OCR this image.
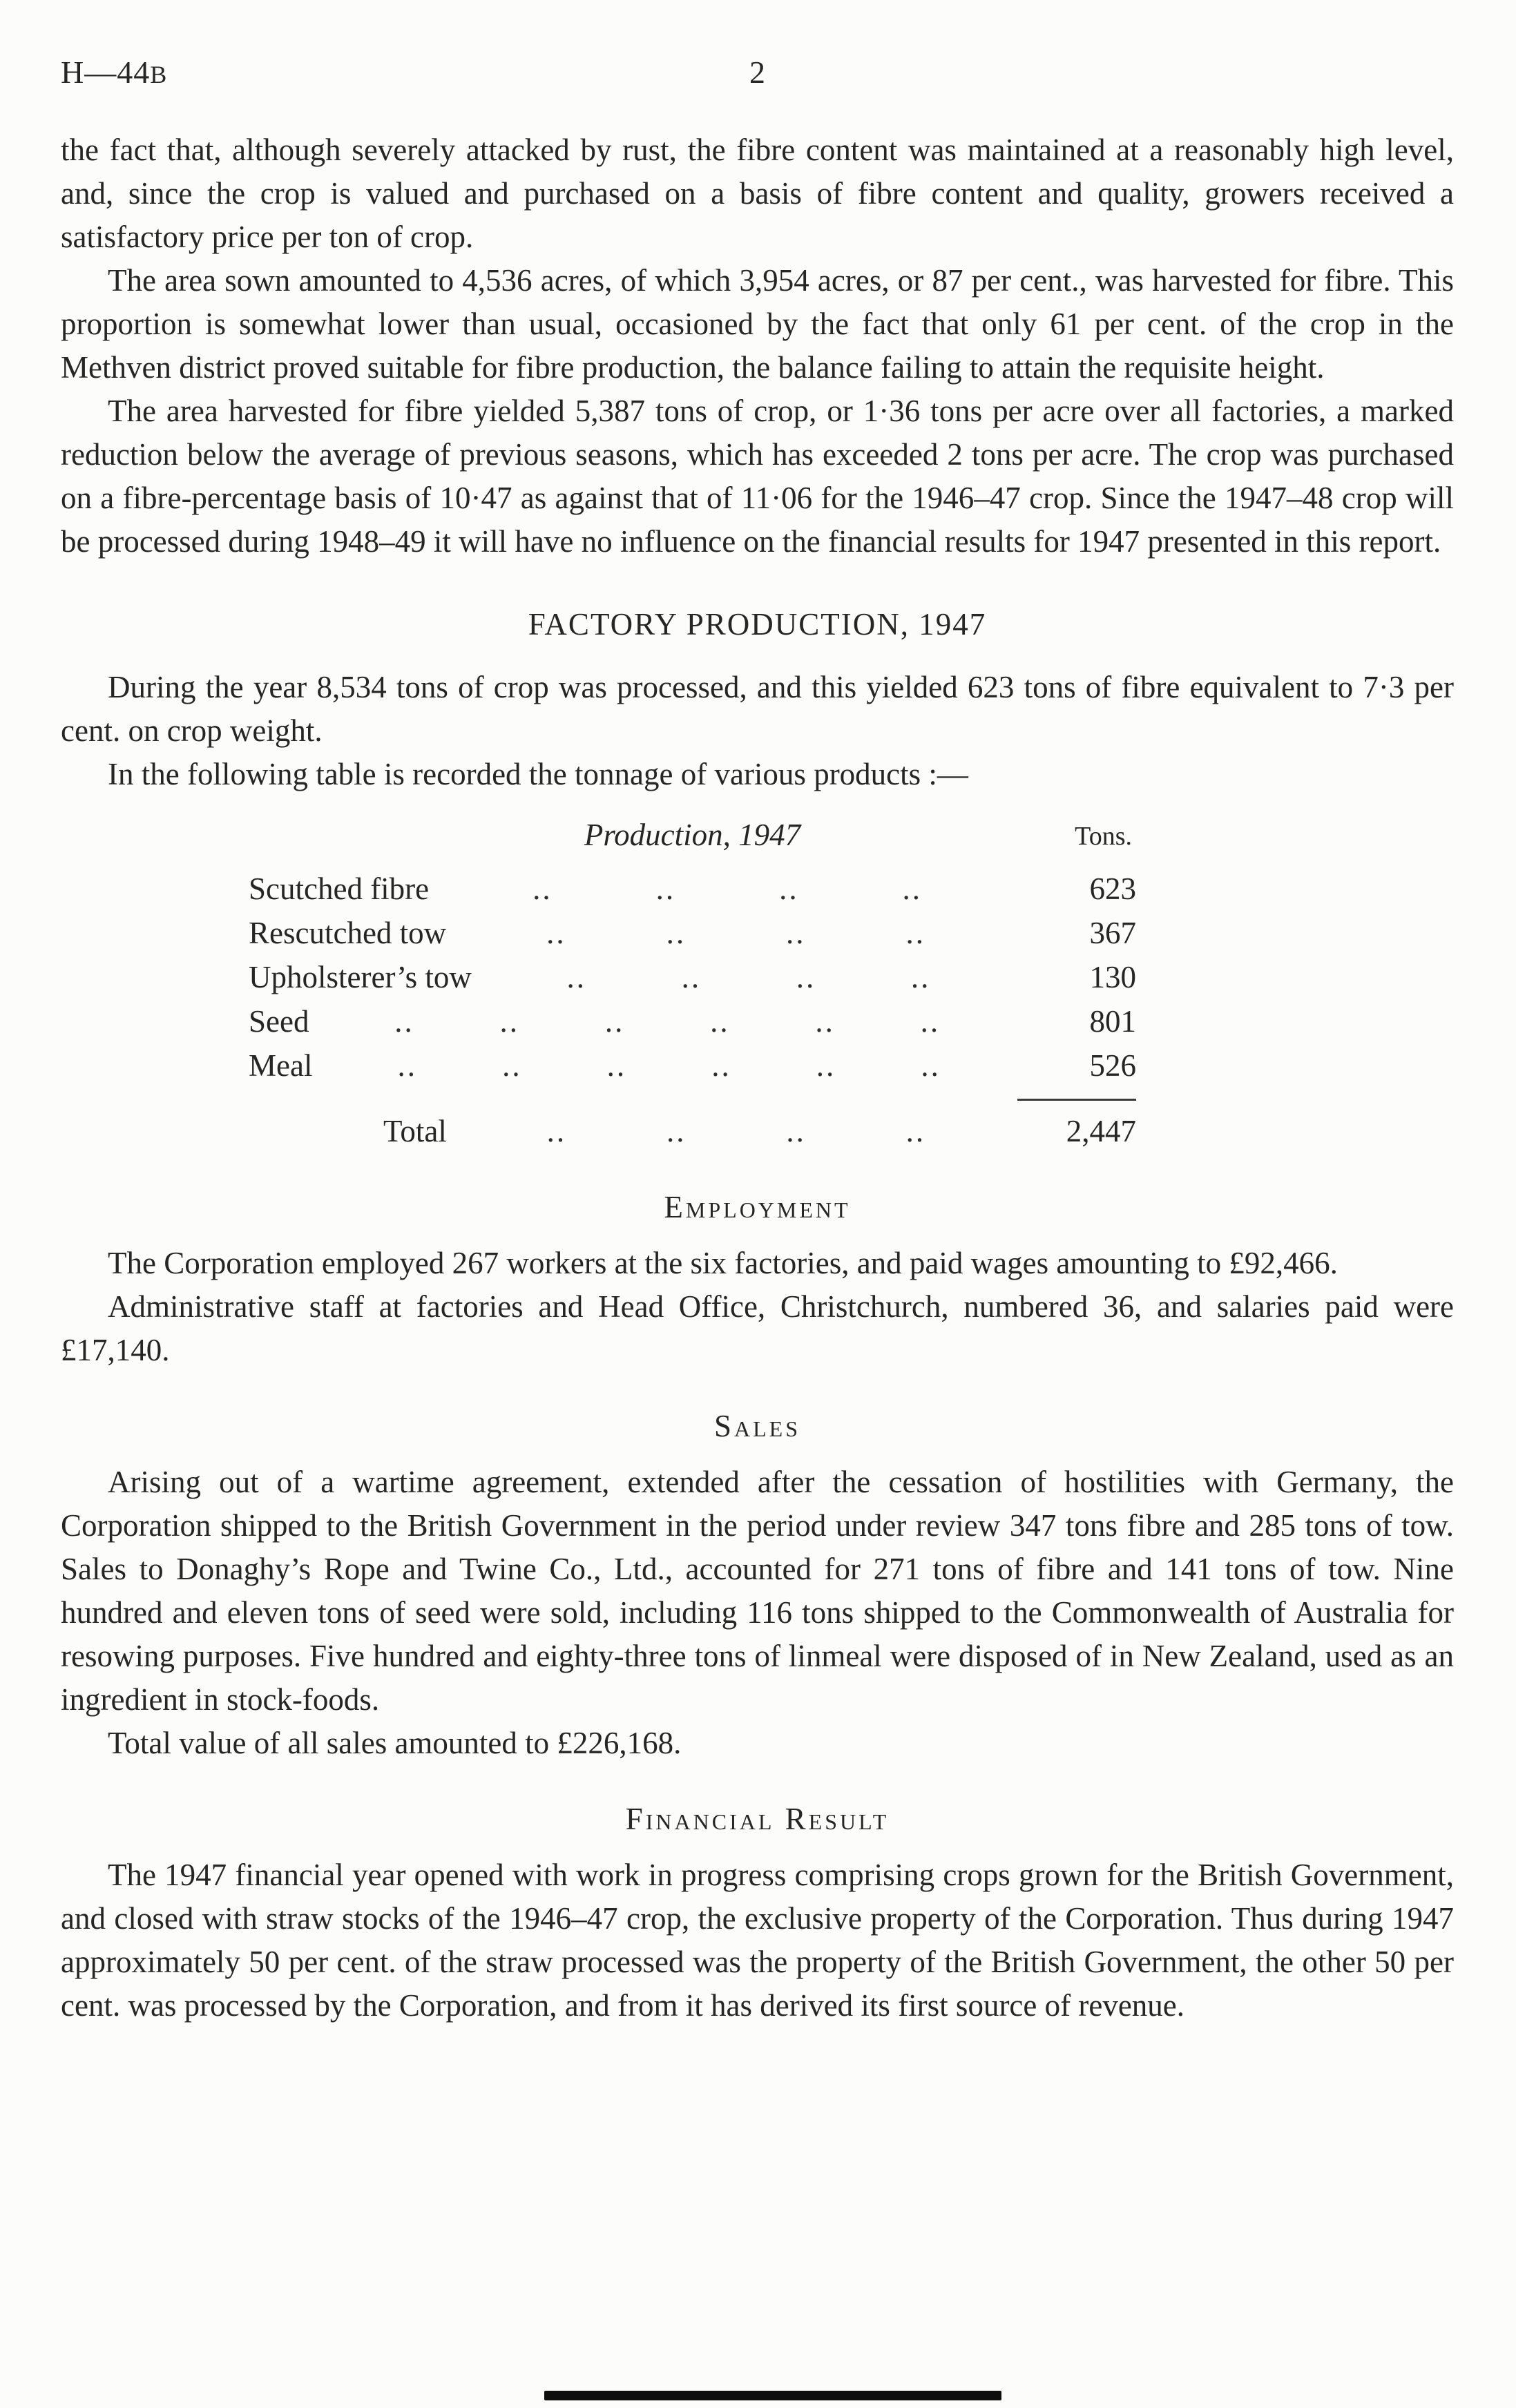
H—44B	2

the fact that, although severely attacked by rust, the fibre content was maintained at a reasonably high level, and, since the crop is valued and purchased on a basis of fibre content and quality, growers received a satisfactory price per ton of crop.

The area sown amounted to 4,536 acres, of which 3,954 acres, or 87 per cent., was harvested for fibre. This proportion is somewhat lower than usual, occasioned by the fact that only 61 per cent. of the crop in the Methven district proved suitable for fibre production, the balance failing to attain the requisite height.

The area harvested for fibre yielded 5,387 tons of crop, or 1·36 tons per acre over all factories, a marked reduction below the average of previous seasons, which has exceeded 2 tons per acre. The crop was purchased on a fibre-percentage basis of 10·47 as against that of 11·06 for the 1946–47 crop. Since the 1947–48 crop will be processed during 1948–49 it will have no influence on the financial results for 1947 presented in this report.

FACTORY PRODUCTION, 1947

During the year 8,534 tons of crop was processed, and this yielded 623 tons of fibre equivalent to 7·3 per cent. on crop weight.

In the following table is recorded the tonnage of various products :—

Production, 1947	Tons.
Scutched fibre	..	..	..	..	623
Rescutched tow	..	..	..	..	367
Upholsterer’s tow	..	..	..	..	130
Seed	..	..	..	..	..	..	801
Meal	..	..	..	..	..	..	526
Total	..	..	..	..	2,447
Employment

The Corporation employed 267 workers at the six factories, and paid wages amounting to £92,466.

Administrative staff at factories and Head Office, Christchurch, numbered 36, and salaries paid were £17,140.

Sales

Arising out of a wartime agreement, extended after the cessation of hostilities with Germany, the Corporation shipped to the British Government in the period under review 347 tons fibre and 285 tons of tow. Sales to Donaghy’s Rope and Twine Co., Ltd., accounted for 271 tons of fibre and 141 tons of tow. Nine hundred and eleven tons of seed were sold, including 116 tons shipped to the Commonwealth of Australia for resowing purposes. Five hundred and eighty-three tons of linmeal were disposed of in New Zealand, used as an ingredient in stock-foods.

Total value of all sales amounted to £226,168.

Financial Result

The 1947 financial year opened with work in progress comprising crops grown for the British Government, and closed with straw stocks of the 1946–47 crop, the exclusive property of the Corporation. Thus during 1947 approximately 50 per cent. of the straw processed was the property of the British Government, the other 50 per cent. was processed by the Corporation, and from it has derived its first source of revenue.
